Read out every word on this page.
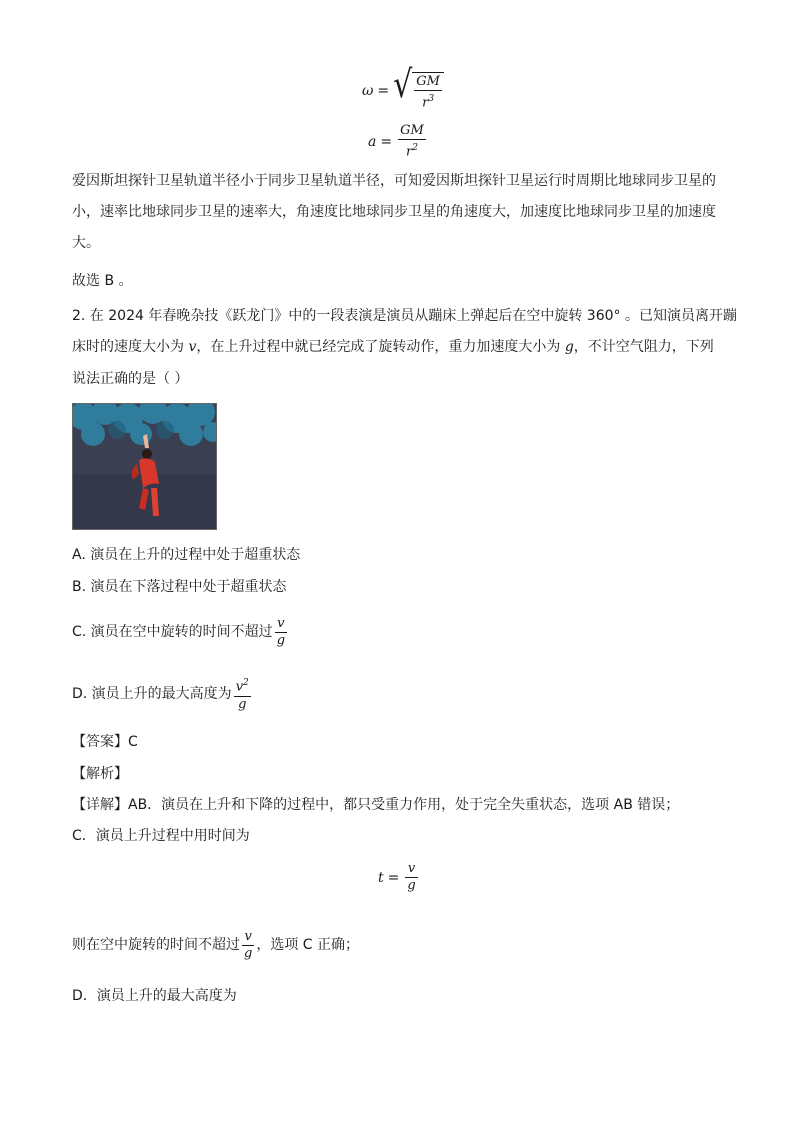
ω = √ $\frac{GM}{r^3}$
$a = \frac{GM}{r^2}$
爱因斯坦探针卫星轨道半径小于同步卫星轨道半径，可知爱因斯坦探针卫星运行时周期比地球同步卫星的
小，速率比地球同步卫星的速率大，角速度比地球同步卫星的角速度大，加速度比地球同步卫星的加速度
大。
故选 B 。
2. 在 2024 年春晚杂技《跃龙门》中的一段表演是演员从蹦床上弹起后在空中旋转 360° 。已知演员离开蹦
床时的速度大小为 v，在上升过程中就已经完成了旋转动作，重力加速度大小为 g，不计空气阻力，下列
说法正确的是（ ）
A. 演员在上升的过程中处于超重状态
B. 演员在下落过程中处于超重状态
C. 演员在空中旋转的时间不超过 $\frac{v}{g}$
D. 演员上升的最大高度为 $\frac{v^2}{g}$
【答案】C
【解析】
【详解】AB．演员在上升和下降的过程中，都只受重力作用，处于完全失重状态，选项 AB 错误；
C．演员上升过程中用时间为
$t = \frac{v}{g}$
则在空中旋转的时间不超过 $\frac{v}{g}$ ，选项 C 正确；
D．演员上升的最大高度为
